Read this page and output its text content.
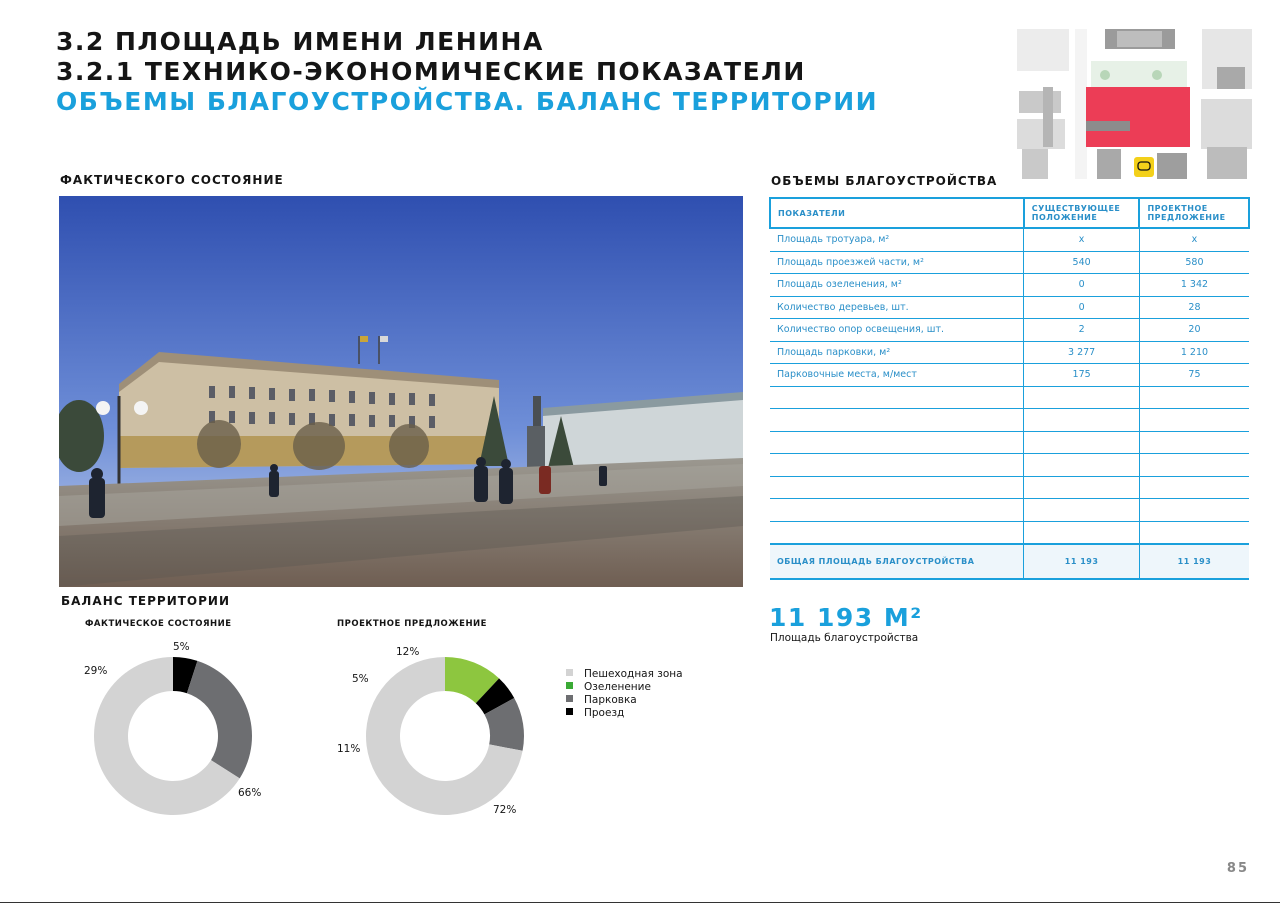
3.2 ПЛОЩАДЬ ИМЕНИ ЛЕНИНА
3.2.1 ТЕХНИКО-ЭКОНОМИЧЕСКИЕ ПОКАЗАТЕЛИ
ОБЪЕМЫ БЛАГОУСТРОЙСТВА. БАЛАНС ТЕРРИТОРИИ
ФАКТИЧЕСКОГО СОСТОЯНИЕ	ОБЪЕМЫ БЛАГОУСТРОЙСТВА
ПОКАЗАТЕЛИ	СУЩЕСТВУЮЩЕЕ ПОЛОЖЕНИЕ	ПРОЕКТНОЕ ПРЕДЛОЖЕНИЕ
Площадь тротуара, м²	х	х
Площадь проезжей части, м²	540	580
Площадь озеленения, м²	0	1 342
Количество деревьев, шт.	0	28
Количество опор освещения, шт.	2	20
Площадь парковки, м²	3 277	1 210
Парковочные места, м/мест	175	75

ОБЩАЯ ПЛОЩАДЬ БЛАГОУСТРОЙСТВА	11 193	11 193
11 193 М²
Площадь благоустройства
БАЛАНС ТЕРРИТОРИИ
ФАКТИЧЕСКОЕ СОСТОЯНИЕ	ПРОЕКТНОЕ ПРЕДЛОЖЕНИЕ
5%
29%
66%
12%
5%
11%
72%
Пешеходная зона
Озеленение
Парковка
Проезд
85
